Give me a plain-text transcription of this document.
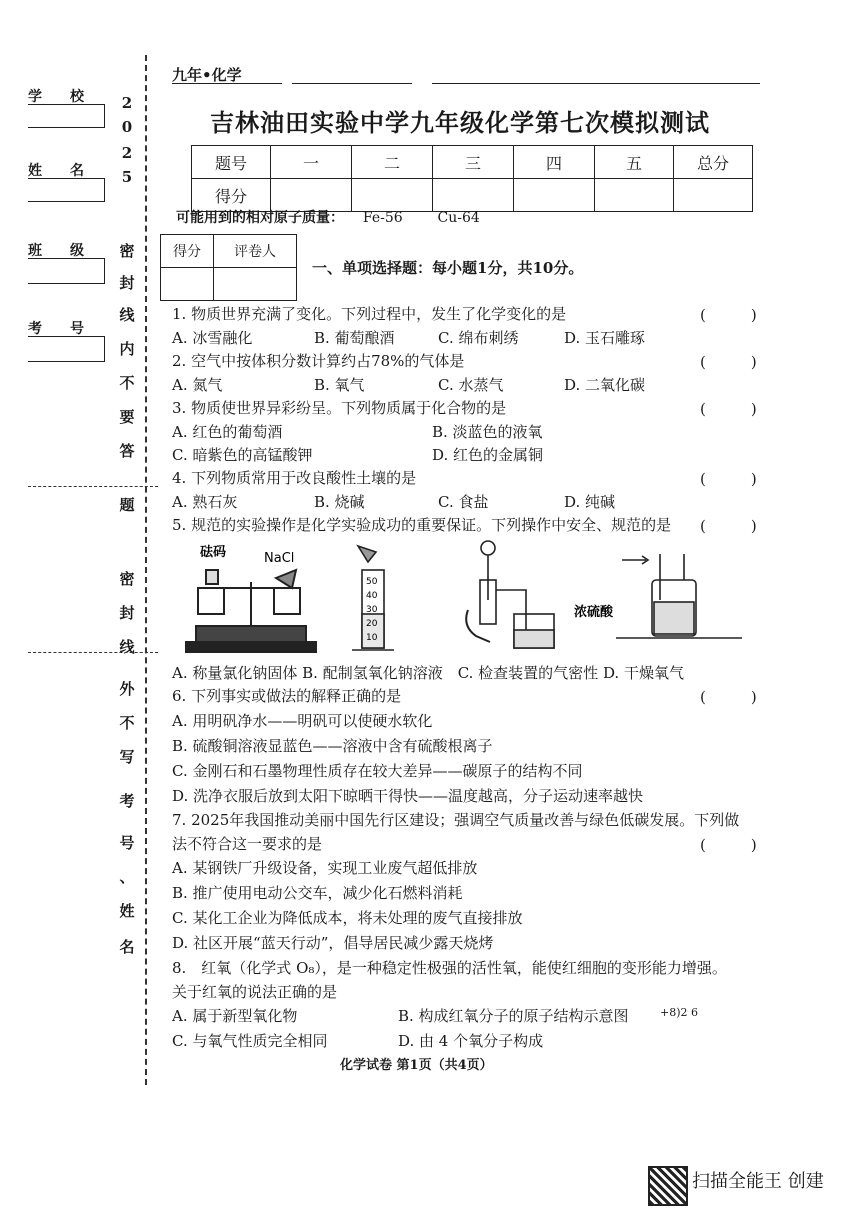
学　　校
姓　　名
班　　级
考　　号
2
0
2
5
密
封
线
内
不
要
答
题
密
封
线
外
不
写
考
号
、
姓
名
九年•化学
吉林油田实验中学九年级化学第七次模拟测试
题号	一	二	三	四	五	总分
得分						
可能用到的相对原子质量： Fe-56 Cu-64
得分	评卷人

一、单项选择题：每小题1分，共10分。
1. 物质世界充满了变化。下列过程中，发生了化学变化的是	(　　　)
A. 冰雪融化	B. 葡萄酿酒	C. 绵布刺绣	D. 玉石雕琢
2. 空气中按体积分数计算约占78%的气体是	(　　　)
A. 氮气	B. 氧气	C. 水蒸气	D. 二氧化碳
3. 物质使世界异彩纷呈。下列物质属于化合物的是	(　　　)
A. 红色的葡萄酒	B. 淡蓝色的液氧
C. 暗紫色的高锰酸钾	D. 红色的金属铜
4. 下列物质常用于改良酸性土壤的是	(　　　)
A. 熟石灰	B. 烧碱	C. 食盐	D. 纯碱
5. 规范的实验操作是化学实验成功的重要保证。下列操作中安全、规范的是 (　　　)
砝码	NaCl
50
40
30
20
10
浓硫酸
A. 称量氯化钠固体 B. 配制氢氧化钠溶液　C. 检查装置的气密性 D. 干燥氧气
6. 下列事实或做法的解释正确的是	(　　　)
A. 用明矾净水——明矾可以使硬水软化
B. 硫酸铜溶液显蓝色——溶液中含有硫酸根离子
C. 金刚石和石墨物理性质存在较大差异——碳原子的结构不同
D. 洗净衣服后放到太阳下晾晒干得快——温度越高，分子运动速率越快
7. 2025年我国推动美丽中国先行区建设；强调空气质量改善与绿色低碳发展。下列做
法不符合这一要求的是	(　　　)
A. 某钢铁厂升级设备，实现工业废气超低排放
B. 推广使用电动公交车，减少化石燃料消耗
C. 某化工企业为降低成本，将未处理的废气直接排放
D. 社区开展“蓝天行动”，倡导居民减少露天烧烤
8.　红氧（化学式 O₈），是一种稳定性极强的活性氧，能使红细胞的变形能力增强。
关于红氧的说法正确的是
A. 属于新型氧化物	B. 构成红氧分子的原子结构示意图	+8)2 6
C. 与氧气性质完全相同	D. 由 4 个氧分子构成
化学试卷 第1页（共4页）
扫描全能王 创建
